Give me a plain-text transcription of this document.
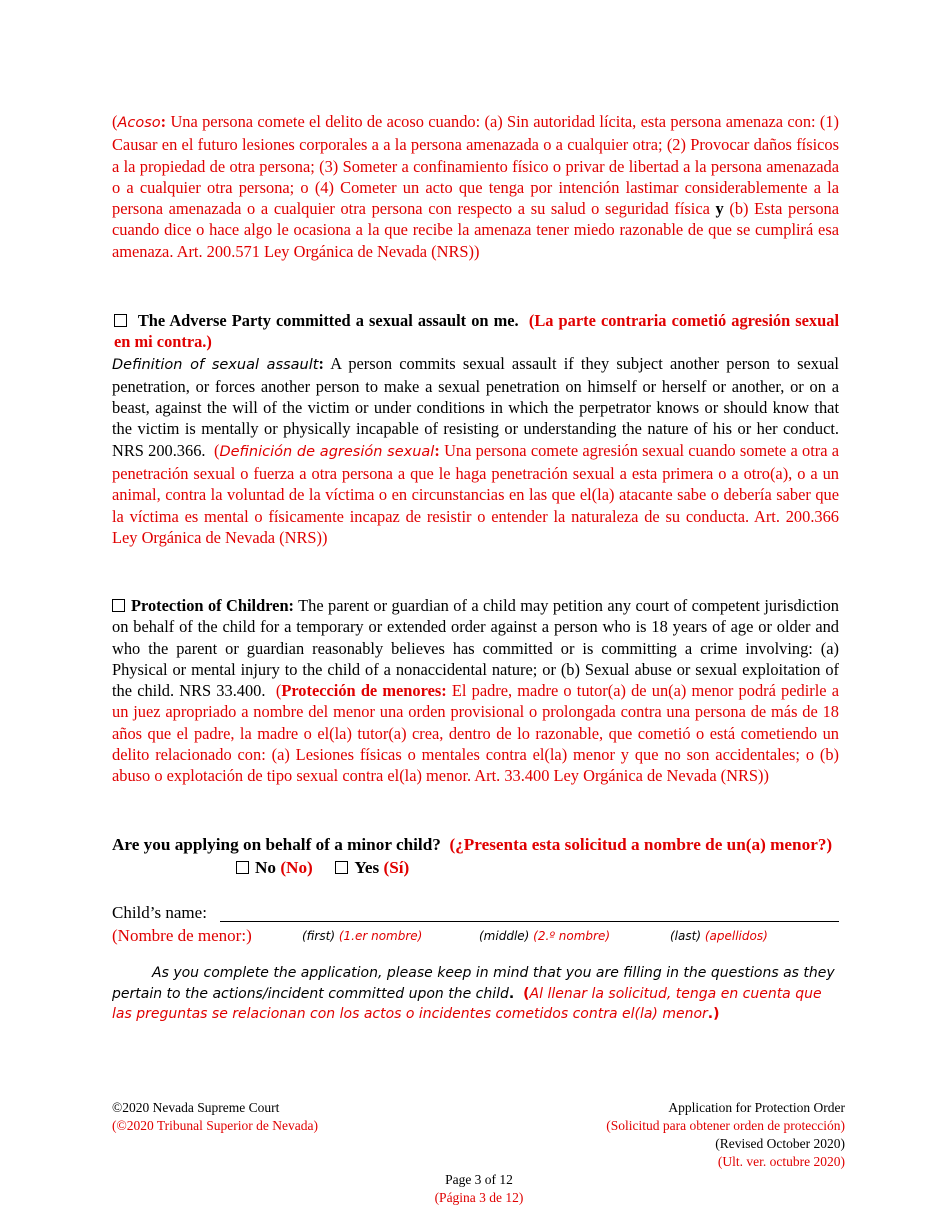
(Acoso: Una persona comete el delito de acoso cuando: (a) Sin autoridad lícita, esta persona amenaza con: (1) Causar en el futuro lesiones corporales a a la persona amenazada o a cualquier otra; (2) Provocar daños físicos a la propiedad de otra persona; (3) Someter a confinamiento físico o privar de libertad a la persona amenazada o a cualquier otra persona; o (4) Cometer un acto que tenga por intención lastimar considerablemente a la persona amenazada o a cualquier otra persona con respecto a su salud o seguridad física y (b) Esta persona cuando dice o hace algo le ocasiona a la que recibe la amenaza tener miedo razonable de que se cumplirá esa amenaza. Art. 200.571 Ley Orgánica de Nevada (NRS))
The Adverse Party committed a sexual assault on me. (La parte contraria cometió agresión sexual en mi contra.)
Definition of sexual assault: A person commits sexual assault if they subject another person to sexual penetration, or forces another person to make a sexual penetration on himself or herself or another, or on a beast, against the will of the victim or under conditions in which the perpetrator knows or should know that the victim is mentally or physically incapable of resisting or understanding the nature of his or her conduct. NRS 200.366. (Definición de agresión sexual: Una persona comete agresión sexual cuando somete a otra a penetración sexual o fuerza a otra persona a que le haga penetración sexual a esta primera o a otro(a), o a un animal, contra la voluntad de la víctima o en circunstancias en las que el(la) atacante sabe o debería saber que la víctima es mental o físicamente incapaz de resistir o entender la naturaleza de su conducta. Art. 200.366 Ley Orgánica de Nevada (NRS))
Protection of Children: The parent or guardian of a child may petition any court of competent jurisdiction on behalf of the child for a temporary or extended order against a person who is 18 years of age or older and who the parent or guardian reasonably believes has committed or is committing a crime involving: (a) Physical or mental injury to the child of a nonaccidental nature; or (b) Sexual abuse or sexual exploitation of the child. NRS 33.400. (Protección de menores: El padre, madre o tutor(a) de un(a) menor podrá pedirle a un juez apropriado a nombre del menor una orden provisional o prolongada contra una persona de más de 18 años que el padre, la madre o el(la) tutor(a) crea, dentro de lo razonable, que cometió o está cometiendo un delito relacionado con: (a) Lesiones físicas o mentales contra el(la) menor y que no son accidentales; o (b) abuso o explotación de tipo sexual contra el(la) menor. Art. 33.400 Ley Orgánica de Nevada (NRS))
Are you applying on behalf of a minor child? (¿Presenta esta solicitud a nombre de un(a) menor?)
No (No) Yes (Sí)
Child’s name:
(Nombre de menor:)	(first) (1.er nombre)	(middle) (2.º nombre)	(last) (apellidos)
As you complete the application, please keep in mind that you are filling in the questions as they pertain to the actions/incident committed upon the child. (Al llenar la solicitud, tenga en cuenta que las preguntas se relacionan con los actos o incidentes cometidos contra el(la) menor.)
©2020 Nevada Supreme Court
(©2020 Tribunal Superior de Nevada)
Application for Protection Order
(Solicitud para obtener orden de protección)
(Revised October 2020)
(Ult. ver. octubre 2020)
Page 3 of 12
(Página 3 de 12)
